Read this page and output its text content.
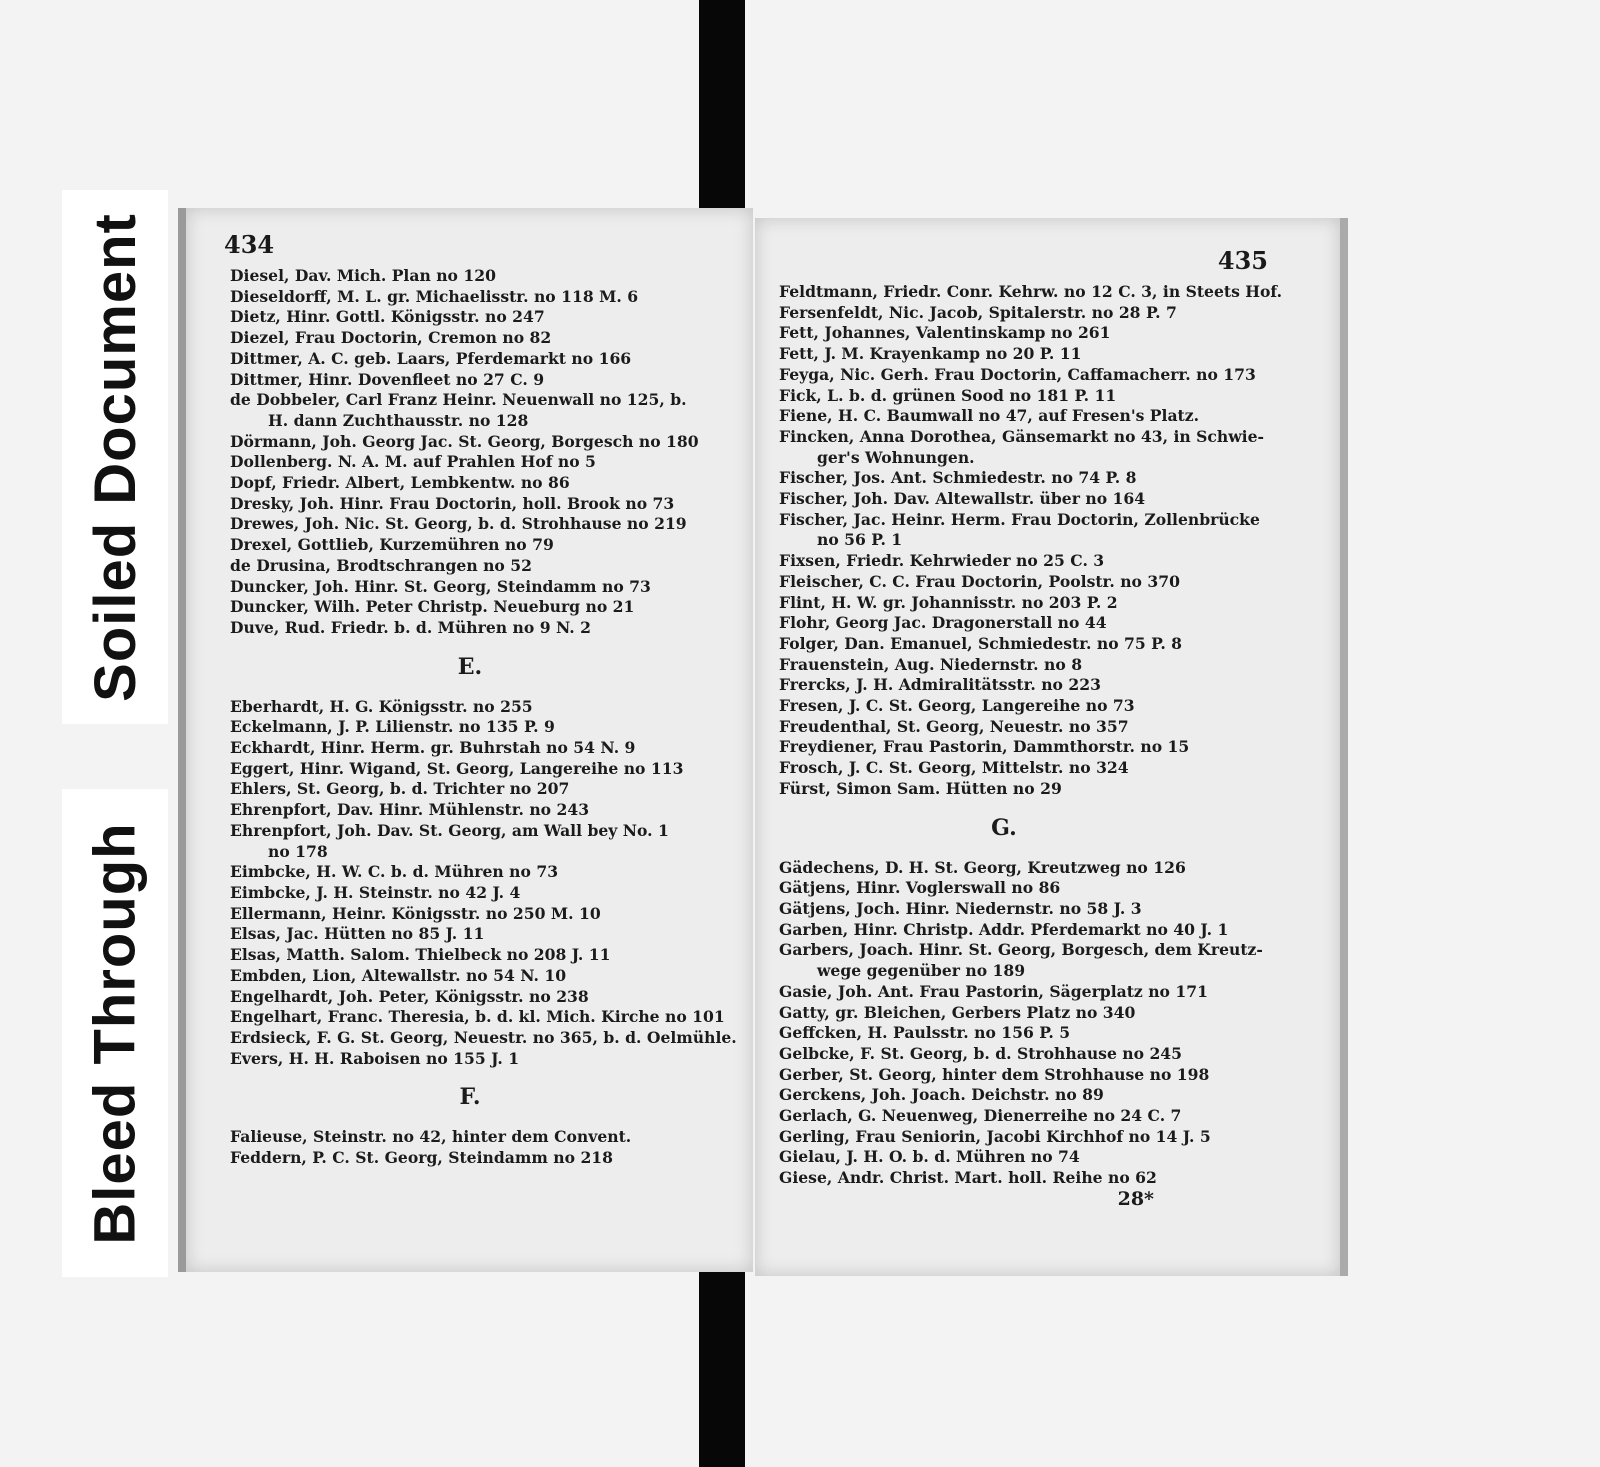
Soiled Document
Bleed Through
434
Diesel, Dav. Mich. Plan no 120
Dieseldorff, M. L. gr. Michaelisstr. no 118 M. 6
Dietz, Hinr. Gottl. Königsstr. no 247
Diezel, Frau Doctorin, Cremon no 82
Dittmer, A. C. geb. Laars, Pferdemarkt no 166
Dittmer, Hinr. Dovenfleet no 27 C. 9
de Dobbeler, Carl Franz Heinr. Neuenwall no 125, b.
H. dann Zuchthausstr. no 128
Dörmann, Joh. Georg Jac. St. Georg, Borgesch no 180
Dollenberg. N. A. M. auf Prahlen Hof no 5
Dopf, Friedr. Albert, Lembkentw. no 86
Dresky, Joh. Hinr. Frau Doctorin, holl. Brook no 73
Drewes, Joh. Nic. St. Georg, b. d. Strohhause no 219
Drexel, Gottlieb, Kurzemühren no 79
de Drusina, Brodtschrangen no 52
Duncker, Joh. Hinr. St. Georg, Steindamm no 73
Duncker, Wilh. Peter Christp. Neueburg no 21
Duve, Rud. Friedr. b. d. Mühren no 9 N. 2
E.
Eberhardt, H. G. Königsstr. no 255
Eckelmann, J. P. Lilienstr. no 135 P. 9
Eckhardt, Hinr. Herm. gr. Buhrstah no 54 N. 9
Eggert, Hinr. Wigand, St. Georg, Langereihe no 113
Ehlers, St. Georg, b. d. Trichter no 207
Ehrenpfort, Dav. Hinr. Mühlenstr. no 243
Ehrenpfort, Joh. Dav. St. Georg, am Wall bey No. 1
no 178
Eimbcke, H. W. C. b. d. Mühren no 73
Eimbcke, J. H. Steinstr. no 42 J. 4
Ellermann, Heinr. Königsstr. no 250 M. 10
Elsas, Jac. Hütten no 85 J. 11
Elsas, Matth. Salom. Thielbeck no 208 J. 11
Embden, Lion, Altewallstr. no 54 N. 10
Engelhardt, Joh. Peter, Königsstr. no 238
Engelhart, Franc. Theresia, b. d. kl. Mich. Kirche no 101
Erdsieck, F. G. St. Georg, Neuestr. no 365, b. d. Oelmühle.
Evers, H. H. Raboisen no 155 J. 1
F.
Falieuse, Steinstr. no 42, hinter dem Convent.
Feddern, P. C. St. Georg, Steindamm no 218
435
Feldtmann, Friedr. Conr. Kehrw. no 12 C. 3, in Steets Hof.
Fersenfeldt, Nic. Jacob, Spitalerstr. no 28 P. 7
Fett, Johannes, Valentinskamp no 261
Fett, J. M. Krayenkamp no 20 P. 11
Feyga, Nic. Gerh. Frau Doctorin, Caffamacherr. no 173
Fick, L. b. d. grünen Sood no 181 P. 11
Fiene, H. C. Baumwall no 47, auf Fresen's Platz.
Fincken, Anna Dorothea, Gänsemarkt no 43, in Schwie-
ger's Wohnungen.
Fischer, Jos. Ant. Schmiedestr. no 74 P. 8
Fischer, Joh. Dav. Altewallstr. über no 164
Fischer, Jac. Heinr. Herm. Frau Doctorin, Zollenbrücke
no 56 P. 1
Fixsen, Friedr. Kehrwieder no 25 C. 3
Fleischer, C. C. Frau Doctorin, Poolstr. no 370
Flint, H. W. gr. Johannisstr. no 203 P. 2
Flohr, Georg Jac. Dragonerstall no 44
Folger, Dan. Emanuel, Schmiedestr. no 75 P. 8
Frauenstein, Aug. Niedernstr. no 8
Frercks, J. H. Admiralitätsstr. no 223
Fresen, J. C. St. Georg, Langereihe no 73
Freudenthal, St. Georg, Neuestr. no 357
Freydiener, Frau Pastorin, Dammthorstr. no 15
Frosch, J. C. St. Georg, Mittelstr. no 324
Fürst, Simon Sam. Hütten no 29
G.
Gädechens, D. H. St. Georg, Kreutzweg no 126
Gätjens, Hinr. Voglerswall no 86
Gätjens, Joch. Hinr. Niedernstr. no 58 J. 3
Garben, Hinr. Christp. Addr. Pferdemarkt no 40 J. 1
Garbers, Joach. Hinr. St. Georg, Borgesch, dem Kreutz-
wege gegenüber no 189
Gasie, Joh. Ant. Frau Pastorin, Sägerplatz no 171
Gatty, gr. Bleichen, Gerbers Platz no 340
Geffcken, H. Paulsstr. no 156 P. 5
Gelbcke, F. St. Georg, b. d. Strohhause no 245
Gerber, St. Georg, hinter dem Strohhause no 198
Gerckens, Joh. Joach. Deichstr. no 89
Gerlach, G. Neuenweg, Dienerreihe no 24 C. 7
Gerling, Frau Seniorin, Jacobi Kirchhof no 14 J. 5
Gielau, J. H. O. b. d. Mühren no 74
Giese, Andr. Christ. Mart. holl. Reihe no 62
28*
